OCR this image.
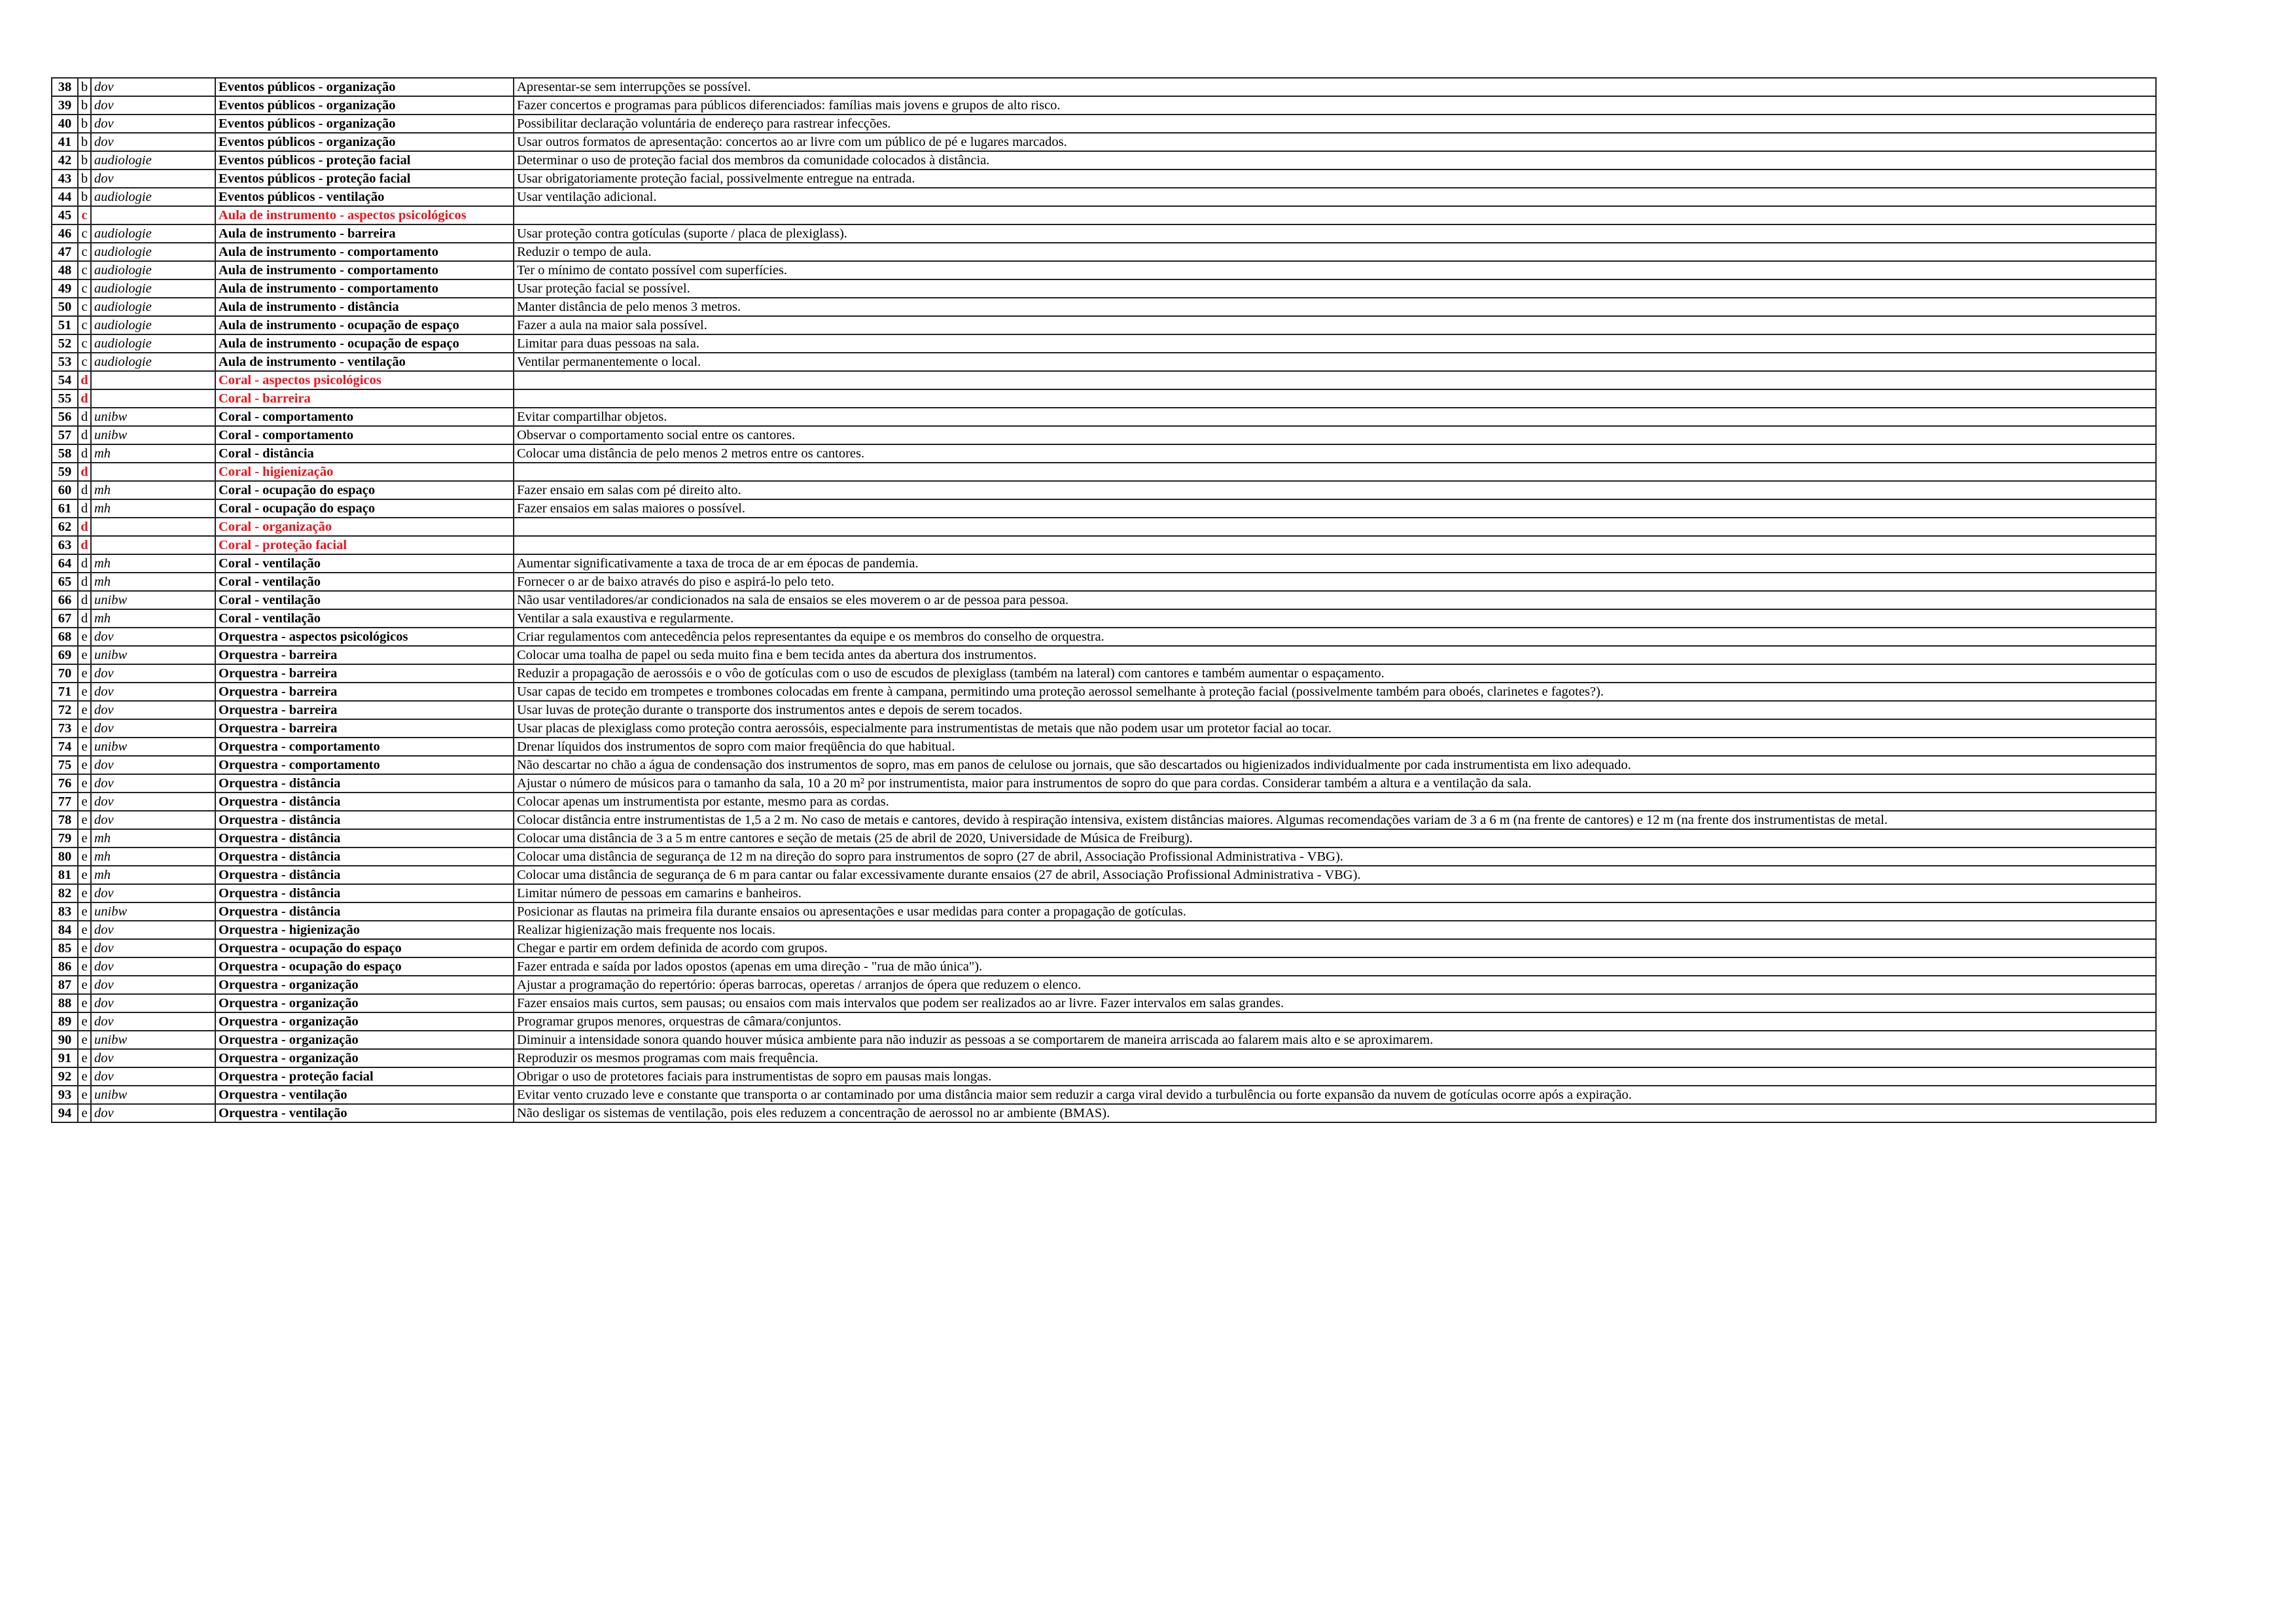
38	b	dov	Eventos públicos - organização	Apresentar-se sem interrupções se possível.
39	b	dov	Eventos públicos - organização	Fazer concertos e programas para públicos diferenciados: famílias mais jovens e grupos de alto risco.
40	b	dov	Eventos públicos - organização	Possibilitar declaração voluntária de endereço para rastrear infecções.
41	b	dov	Eventos públicos - organização	Usar outros formatos de apresentação: concertos ao ar livre com um público de pé e lugares marcados.
42	b	audiologie	Eventos públicos - proteção facial	Determinar o uso de proteção facial dos membros da comunidade colocados à distância.
43	b	dov	Eventos públicos - proteção facial	Usar obrigatoriamente proteção facial, possivelmente entregue na entrada.
44	b	audiologie	Eventos públicos - ventilação	Usar ventilação adicional.
45	c		Aula de instrumento - aspectos psicológicos	
46	c	audiologie	Aula de instrumento - barreira	Usar proteção contra gotículas (suporte / placa de plexiglass).
47	c	audiologie	Aula de instrumento - comportamento	Reduzir o tempo de aula.
48	c	audiologie	Aula de instrumento - comportamento	Ter o mínimo de contato possível com superfícies.
49	c	audiologie	Aula de instrumento - comportamento	Usar proteção facial se possível.
50	c	audiologie	Aula de instrumento - distância	Manter distância de pelo menos 3 metros.
51	c	audiologie	Aula de instrumento - ocupação de espaço	Fazer a aula na maior sala possível.
52	c	audiologie	Aula de instrumento - ocupação de espaço	Limitar para duas pessoas na sala.
53	c	audiologie	Aula de instrumento - ventilação	Ventilar permanentemente o local.
54	d		Coral - aspectos psicológicos	
55	d		Coral - barreira	
56	d	unibw	Coral - comportamento	Evitar compartilhar objetos.
57	d	unibw	Coral - comportamento	Observar o comportamento social entre os cantores.
58	d	mh	Coral - distância	Colocar uma distância de pelo menos 2 metros entre os cantores.
59	d		Coral - higienização	
60	d	mh	Coral - ocupação do espaço	Fazer ensaio em salas com pé direito alto.
61	d	mh	Coral - ocupação do espaço	Fazer ensaios em salas maiores o possível.
62	d		Coral - organização	
63	d		Coral - proteção facial	
64	d	mh	Coral - ventilação	Aumentar significativamente a taxa de troca de ar em épocas de pandemia.
65	d	mh	Coral - ventilação	Fornecer o ar de baixo através do piso e aspirá-lo pelo teto.
66	d	unibw	Coral - ventilação	Não usar ventiladores/ar condicionados na sala de ensaios se eles moverem o ar de pessoa para pessoa.
67	d	mh	Coral - ventilação	Ventilar a sala exaustiva e regularmente.
68	e	dov	Orquestra - aspectos psicológicos	Criar regulamentos com antecedência pelos representantes da equipe e os membros do conselho de orquestra.
69	e	unibw	Orquestra - barreira	Colocar uma toalha de papel ou seda muito fina e bem tecida antes da abertura dos instrumentos.
70	e	dov	Orquestra - barreira	Reduzir a propagação de aerossóis e o vôo de gotículas com o uso de escudos de plexiglass (também na lateral) com cantores e também aumentar o espaçamento.
71	e	dov	Orquestra - barreira	Usar capas de tecido em trompetes e trombones colocadas em frente à campana, permitindo uma proteção aerossol semelhante à proteção facial (possivelmente também para oboés, clarinetes e fagotes?).
72	e	dov	Orquestra - barreira	Usar luvas de proteção durante o transporte dos instrumentos antes e depois de serem tocados.
73	e	dov	Orquestra - barreira	Usar placas de plexiglass como proteção contra aerossóis, especialmente para instrumentistas de metais que não podem usar um protetor facial ao tocar.
74	e	unibw	Orquestra - comportamento	Drenar líquidos dos instrumentos de sopro com maior freqüência do que habitual.
75	e	dov	Orquestra - comportamento	Não descartar no chão a água de condensação dos instrumentos de sopro, mas em panos de celulose ou jornais, que são descartados ou higienizados individualmente por cada instrumentista em lixo adequado.
76	e	dov	Orquestra - distância	Ajustar o número de músicos para o tamanho da sala, 10 a 20 m² por instrumentista, maior para instrumentos de sopro do que para cordas. Considerar também a altura e a ventilação da sala.
77	e	dov	Orquestra - distância	Colocar apenas um instrumentista por estante, mesmo para as cordas.
78	e	dov	Orquestra - distância	Colocar distância entre instrumentistas de 1,5 a 2 m. No caso de metais e cantores, devido à respiração intensiva, existem distâncias maiores. Algumas recomendações variam de 3 a 6 m (na frente de cantores) e 12 m (na frente dos instrumentistas de metal.
79	e	mh	Orquestra - distância	Colocar uma distância de 3 a 5 m entre cantores e seção de metais (25 de abril de 2020, Universidade de Música de Freiburg).
80	e	mh	Orquestra - distância	Colocar uma distância de segurança de 12 m na direção do sopro para instrumentos de sopro (27 de abril, Associação Profissional Administrativa - VBG).
81	e	mh	Orquestra - distância	Colocar uma distância de segurança de 6 m para cantar ou falar excessivamente durante ensaios (27 de abril, Associação Profissional Administrativa - VBG).
82	e	dov	Orquestra - distância	Limitar número de pessoas em camarins e banheiros.
83	e	unibw	Orquestra - distância	Posicionar as flautas na primeira fila durante ensaios ou apresentações e usar medidas para conter a propagação de gotículas.
84	e	dov	Orquestra - higienização	Realizar higienização mais frequente nos locais.
85	e	dov	Orquestra - ocupação do espaço	Chegar e partir em ordem definida de acordo com grupos.
86	e	dov	Orquestra - ocupação do espaço	Fazer entrada e saída por lados opostos (apenas em uma direção - "rua de mão única").
87	e	dov	Orquestra - organização	Ajustar a programação do repertório: óperas barrocas, operetas / arranjos de ópera que reduzem o elenco.
88	e	dov	Orquestra - organização	Fazer ensaios mais curtos, sem pausas; ou ensaios com mais intervalos que podem ser realizados ao ar livre. Fazer intervalos em salas grandes.
89	e	dov	Orquestra - organização	Programar grupos menores, orquestras de câmara/conjuntos.
90	e	unibw	Orquestra - organização	Diminuir a intensidade sonora quando houver música ambiente para não induzir as pessoas a se comportarem de maneira arriscada ao falarem mais alto e se aproximarem.
91	e	dov	Orquestra - organização	Reproduzir os mesmos programas com mais frequência.
92	e	dov	Orquestra - proteção facial	Obrigar o uso de protetores faciais para instrumentistas de sopro em pausas mais longas.
93	e	unibw	Orquestra - ventilação	Evitar vento cruzado leve e constante que transporta o ar contaminado por uma distância maior sem reduzir a carga viral devido a turbulência ou forte expansão da nuvem de gotículas ocorre após a expiração.
94	e	dov	Orquestra - ventilação	Não desligar os sistemas de ventilação, pois eles reduzem a concentração de aerossol no ar ambiente (BMAS).
